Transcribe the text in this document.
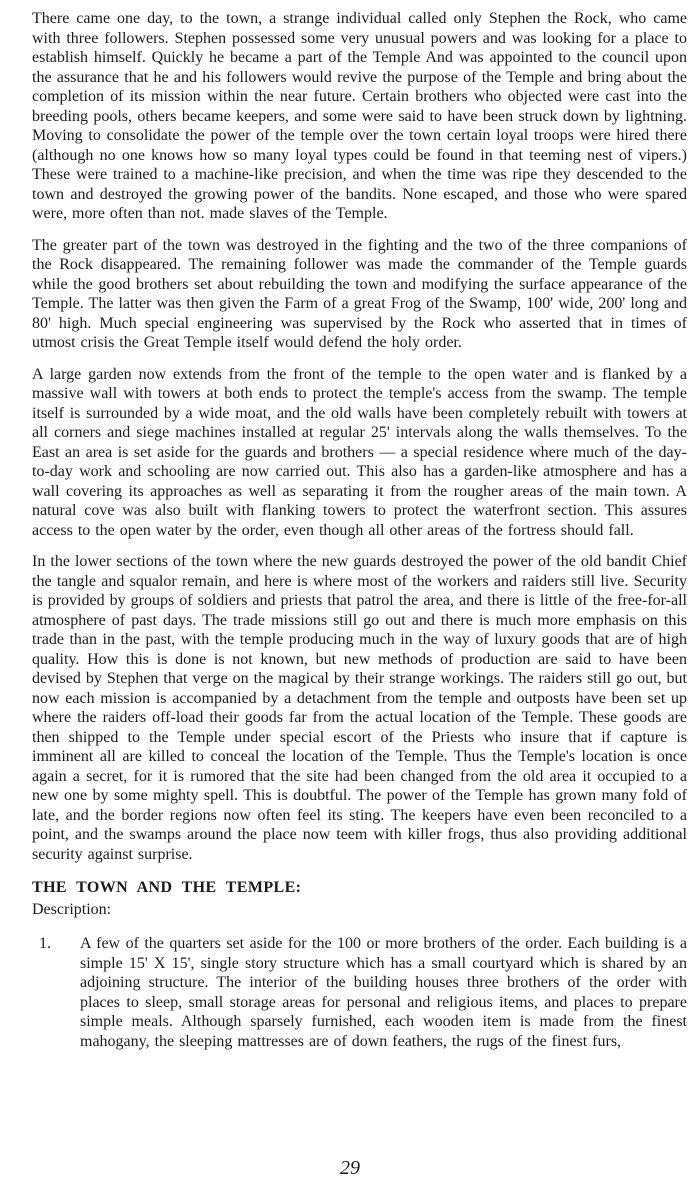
There came one day, to the town, a strange individual called only Stephen the Rock, who came with three followers. Stephen possessed some very unusual powers and was looking for a place to establish himself. Quickly he became a part of the Temple And was appointed to the council upon the assurance that he and his followers would revive the purpose of the Temple and bring about the completion of its mission within the near future. Certain brothers who objected were cast into the breeding pools, others became keepers, and some were said to have been struck down by lightning. Moving to consolidate the power of the temple over the town certain loyal troops were hired there (although no one knows how so many loyal types could be found in that teeming nest of vipers.) These were trained to a machine-like precision, and when the time was ripe they descended to the town and destroyed the growing power of the bandits. None escaped, and those who were spared were, more often than not. made slaves of the Temple.

The greater part of the town was destroyed in the fighting and the two of the three companions of the Rock disappeared. The remaining follower was made the commander of the Temple guards while the good brothers set about rebuilding the town and modifying the surface appearance of the Temple. The latter was then given the Farm of a great Frog of the Swamp, 100' wide, 200' long and 80' high. Much special engineering was supervised by the Rock who asserted that in times of utmost crisis the Great Temple itself would defend the holy order.

A large garden now extends from the front of the temple to the open water and is flanked by a massive wall with towers at both ends to protect the temple's access from the swamp. The temple itself is surrounded by a wide moat, and the old walls have been completely rebuilt with towers at all corners and siege machines installed at regular 25' intervals along the walls themselves. To the East an area is set aside for the guards and brothers — a special residence where much of the day-to-day work and schooling are now carried out. This also has a garden-like atmosphere and has a wall covering its approaches as well as separating it from the rougher areas of the main town. A natural cove was also built with flanking towers to protect the waterfront section. This assures access to the open water by the order, even though all other areas of the fortress should fall.

In the lower sections of the town where the new guards destroyed the power of the old bandit Chief the tangle and squalor remain, and here is where most of the workers and raiders still live. Security is provided by groups of soldiers and priests that patrol the area, and there is little of the free-for-all atmosphere of past days. The trade missions still go out and there is much more emphasis on this trade than in the past, with the temple producing much in the way of luxury goods that are of high quality. How this is done is not known, but new methods of production are said to have been devised by Stephen that verge on the magical by their strange workings. The raiders still go out, but now each mission is accompanied by a detachment from the temple and outposts have been set up where the raiders off-load their goods far from the actual location of the Temple. These goods are then shipped to the Temple under special escort of the Priests who insure that if capture is imminent all are killed to conceal the location of the Temple. Thus the Temple's location is once again a secret, for it is rumored that the site had been changed from the old area it occupied to a new one by some mighty spell. This is doubtful. The power of the Temple has grown many fold of late, and the border regions now often feel its sting. The keepers have even been reconciled to a point, and the swamps around the place now teem with killer frogs, thus also providing additional security against surprise.

THE TOWN AND THE TEMPLE:
Description:
1.	A few of the quarters set aside for the 100 or more brothers of the order. Each building is a simple 15' X 15', single story structure which has a small courtyard which is shared by an adjoining structure. The interior of the building houses three brothers of the order with places to sleep, small storage areas for personal and religious items, and places to prepare simple meals. Although sparsely furnished, each wooden item is made from the finest mahogany, the sleeping mattresses are of down feathers, the rugs of the finest furs,

29
